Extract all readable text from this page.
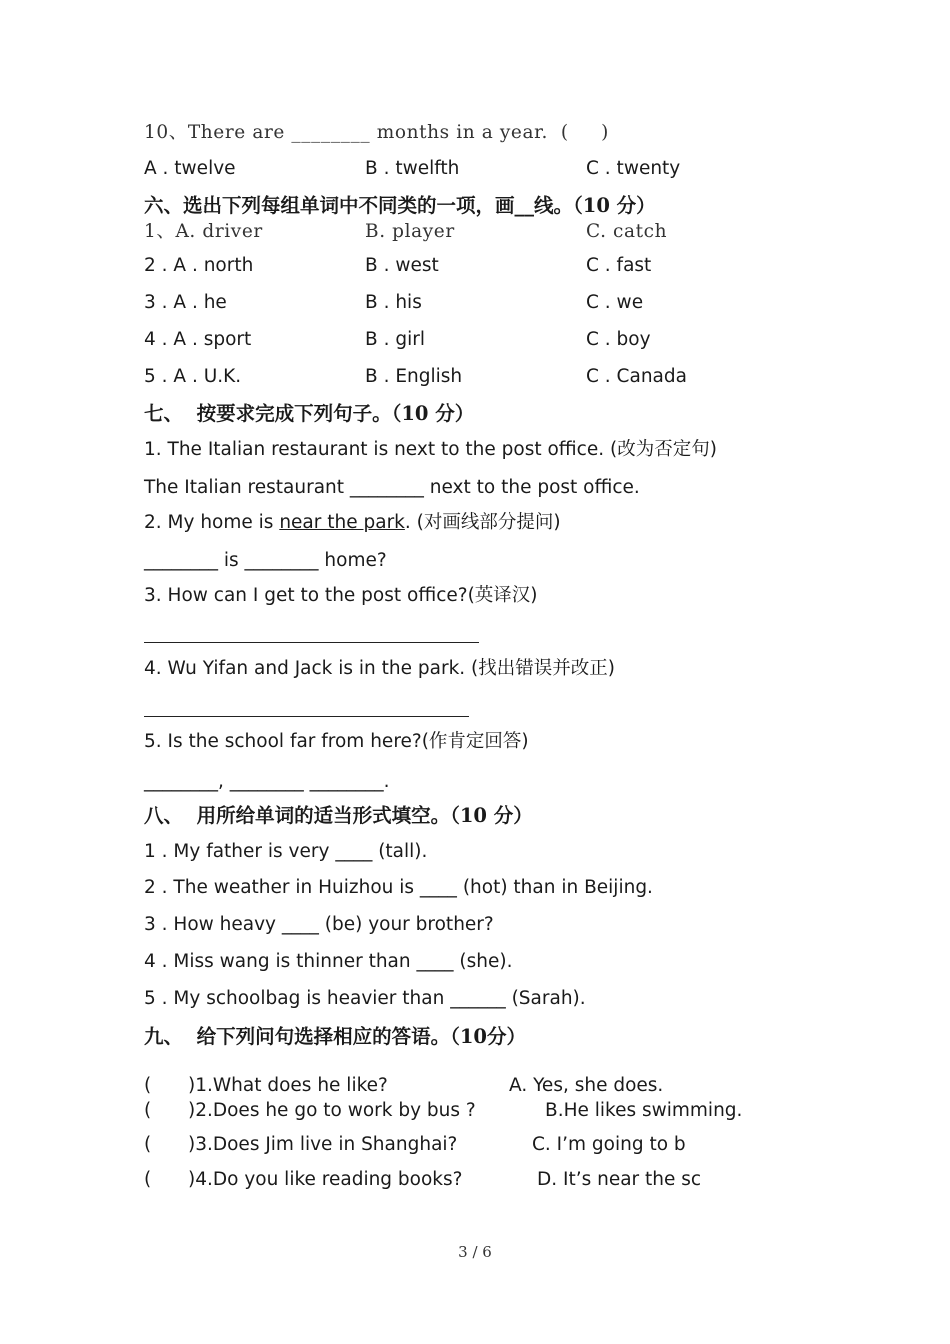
10、There are ________ months in a year.  (     )
A . twelve	B . twelfth	C . twenty
六、选出下列每组单词中不同类的一项，画__线。（10 分）
1、A. driver	B. player	C. catch
2 . A . north	B . west	C . fast
3 . A . he	B . his	C . we
4 . A . sport	B . girl	C . boy
5 . A . U.K.	B . English	C . Canada
七、  按要求完成下列句子。（10 分）
1. The Italian restaurant is next to the post office. (改为否定句)
The Italian restaurant ________ next to the post office.
2. My home is near the park. (对画线部分提问)
________ is ________ home?
3. How can I get to the post office?(英译汉)
4. Wu Yifan and Jack is in the park. (找出错误并改正)
5. Is the school far from here?(作肯定回答)
________, ________ ________.
八、  用所给单词的适当形式填空。（10 分）
1 . My father is very ____ (tall).
2 . The weather in Huizhou is ____ (hot) than in Beijing.
3 . How heavy ____ (be) your brother?
4 . Miss wang is thinner than ____ (she).
5 . My schoolbag is heavier than ______ (Sarah).
九、  给下列问句选择相应的答语。（10分）
( )1.What does he like?	A. Yes, she does.
( )2.Does he go to work by bus ?	B.He likes swimming.
( )3.Does Jim live in Shanghai?	C. I’m going to b
( )4.Do you like reading books?	D. It’s near the sc
3 / 6
